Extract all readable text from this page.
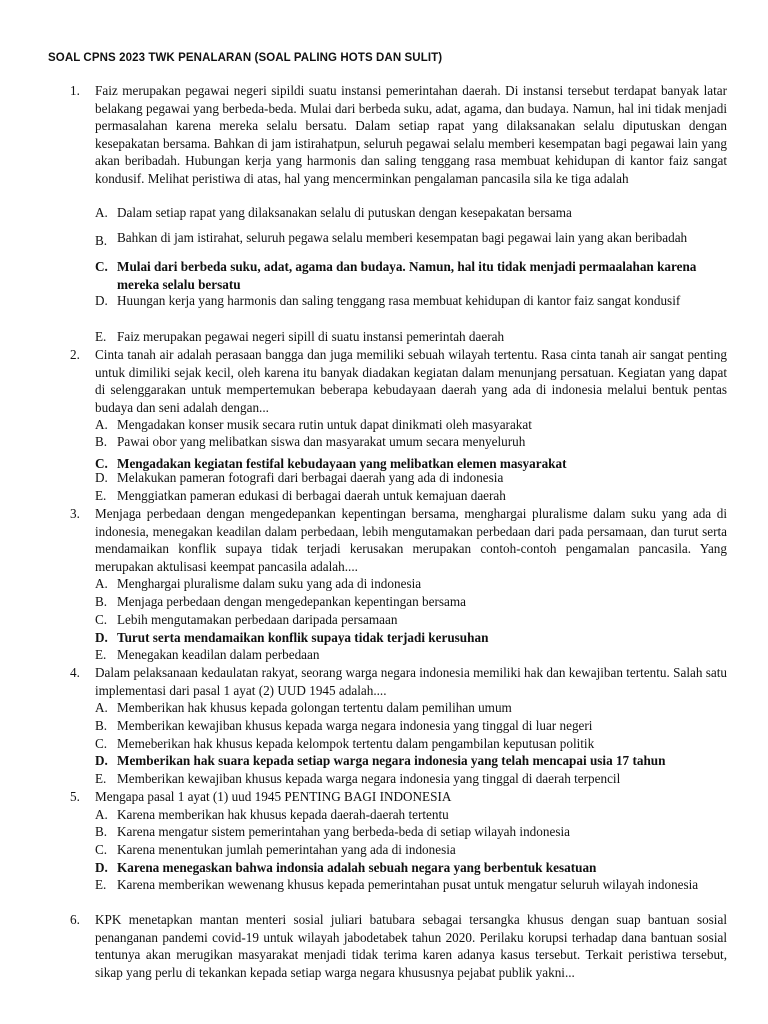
SOAL CPNS 2023 TWK PENALARAN (SOAL PALING HOTS DAN SULIT)
1. Faiz merupakan pegawai negeri sipildi suatu instansi pemerintahan daerah. Di instansi tersebut terdapat banyak latar belakang pegawai yang berbeda-beda. Mulai dari berbeda suku, adat, agama, dan budaya. Namun, hal ini tidak menjadi permasalahan karena mereka selalu bersatu. Dalam setiap rapat yang dilaksanakan selalu diputuskan dengan kesepakatan bersama. Bahkan di jam istirahatpun, seluruh pegawai selalu memberi kesempatan bagi pegawai lain yang akan beribadah. Hubungan kerja yang harmonis dan saling tenggang rasa membuat kehidupan di kantor faiz sangat kondusif. Melihat peristiwa di atas, hal yang mencerminkan pengalaman pancasila sila ke tiga adalah
A. Dalam setiap rapat yang dilaksanakan selalu di putuskan dengan kesepakatan bersama
B. Bahkan di jam istirahat, seluruh pegawa selalu memberi kesempatan bagi pegawai lain yang akan beribadah
C. Mulai dari berbeda suku, adat, agama dan budaya. Namun, hal itu tidak menjadi permaalahan karena mereka selalu bersatu
D. Huungan kerja yang harmonis dan saling tenggang rasa membuat kehidupan di kantor faiz sangat kondusif
E. Faiz merupakan pegawai negeri sipill di suatu instansi pemerintah daerah
2. Cinta tanah air adalah perasaan bangga dan juga memiliki sebuah wilayah tertentu. Rasa cinta tanah air sangat penting untuk dimiliki sejak kecil, oleh karena itu banyak diadakan kegiatan dalam menunjang persatuan. Kegiatan yang dapat di selenggarakan untuk mempertemukan beberapa kebudayaan daerah yang ada di indonesia melalui bentuk pentas budaya dan seni adalah dengan...
A. Mengadakan konser musik secara rutin untuk dapat dinikmati oleh masyarakat
B. Pawai obor yang melibatkan siswa dan masyarakat umum secara menyeluruh
C. Mengadakan kegiatan festifal kebudayaan yang melibatkan elemen masyarakat
D. Melakukan pameran fotografi dari berbagai daerah yang ada di indonesia
E. Menggiatkan pameran edukasi di berbagai daerah untuk kemajuan daerah
3. Menjaga perbedaan dengan mengedepankan kepentingan bersama, menghargai pluralisme dalam suku yang ada di indonesia, menegakan keadilan dalam perbedaan, lebih mengutamakan perbedaan dari pada persamaan, dan turut serta mendamaikan konflik supaya tidak terjadi kerusakan merupakan contoh-contoh pengamalan pancasila. Yang merupakan aktulisasi keempat pancasila adalah....
A. Menghargai pluralisme dalam suku yang ada di indonesia
B. Menjaga perbedaan dengan mengedepankan kepentingan bersama
C. Lebih mengutamakan perbedaan daripada persamaan
D. Turut serta mendamaikan konflik supaya tidak terjadi kerusuhan
E. Menegakan keadilan dalam perbedaan
4. Dalam pelaksanaan kedaulatan rakyat, seorang warga negara indonesia memiliki hak dan kewajiban tertentu. Salah satu implementasi dari pasal 1 ayat (2) UUD 1945 adalah....
A. Memberikan hak khusus kepada golongan tertentu dalam pemilihan umum
B. Memberikan kewajiban khusus kepada warga negara indonesia yang tinggal di luar negeri
C. Memeberikan hak khusus kepada kelompok tertentu dalam pengambilan keputusan politik
D. Memberikan hak suara kepada setiap warga negara indonesia yang telah mencapai usia 17 tahun
E. Memberikan kewajiban khusus kepada warga negara indonesia yang tinggal di daerah terpencil
5. Mengapa pasal 1 ayat (1) uud 1945 PENTING BAGI INDONESIA
A. Karena memberikan hak khusus kepada daerah-daerah tertentu
B. Karena mengatur sistem pemerintahan yang berbeda-beda di setiap wilayah indonesia
C. Karena menentukan jumlah pemerintahan yang ada di indonesia
D. Karena menegaskan bahwa indonsia adalah sebuah negara yang berbentuk kesatuan
E. Karena memberikan wewenang khusus kepada pemerintahan pusat untuk mengatur seluruh wilayah indonesia
6. KPK menetapkan mantan menteri sosial juliari batubara sebagai tersangka khusus dengan suap bantuan sosial penanganan pandemi covid-19 untuk wilayah jabodetabek tahun 2020. Perilaku korupsi terhadap dana bantuan sosial tentunya akan merugikan masyarakat menjadi tidak terima karen adanya kasus tersebut. Terkait peristiwa tersebut, sikap yang perlu di tekankan kepada setiap warga negara khususnya pejabat publik yakni...
